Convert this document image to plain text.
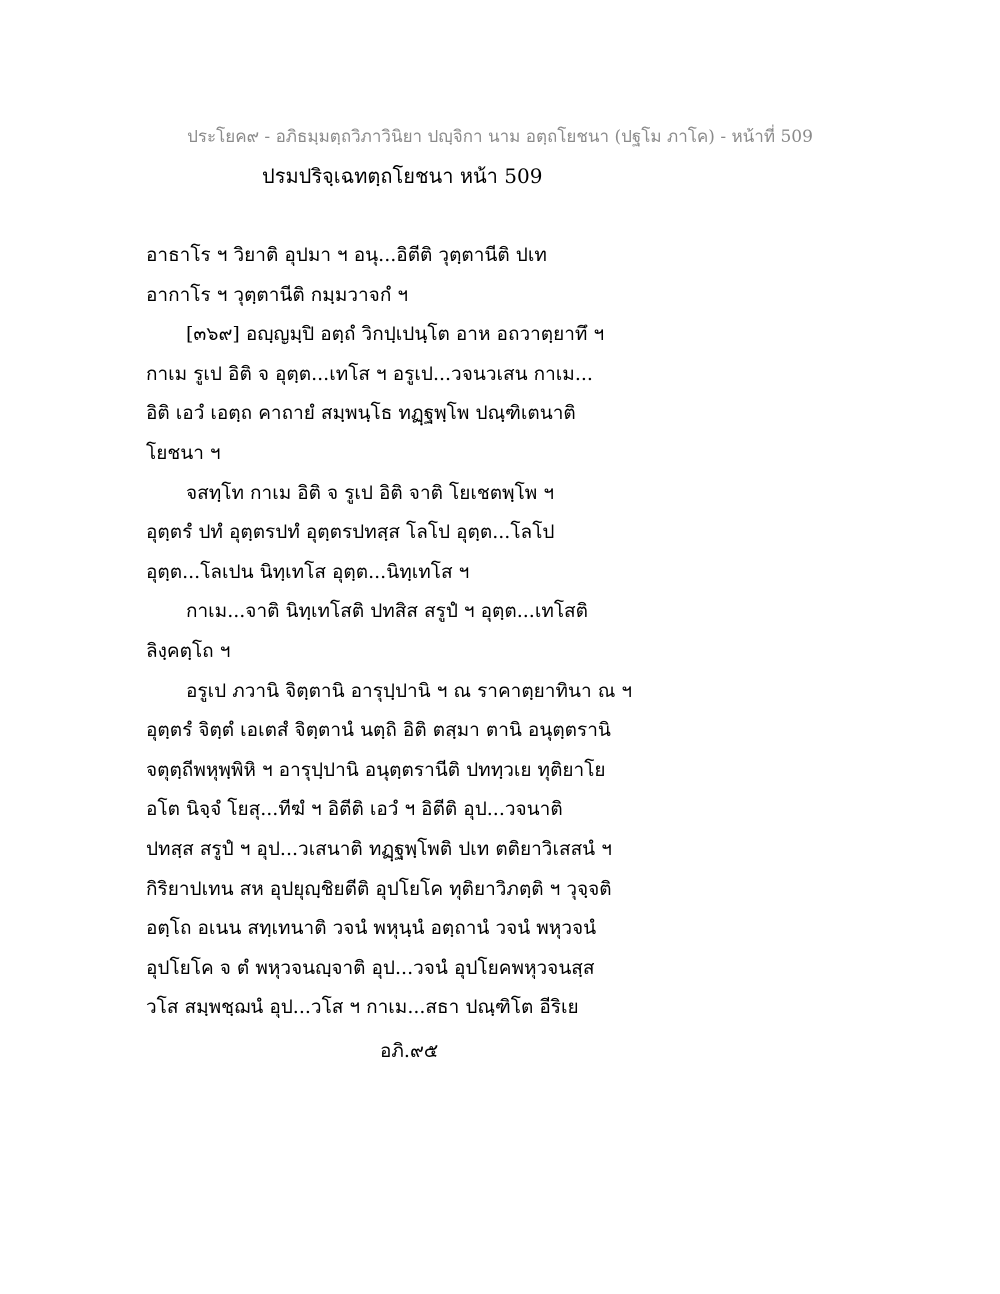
ประโยค๙ - อภิธมฺมตฺถวิภาวินิยา ปญฺจิกา นาม อตฺถโยชนา (ปฐโม ภาโค) - หน้าที่ 509
ปรมปริจฺเฉทตฺถโยชนา หน้า 509
อาธาโร ฯ วิยาติ อุปมา ฯ อนุ...อิตีติ วุตฺตานีติ ปเท
อากาโร ฯ วุตฺตานีติ กมฺมวาจกํ ฯ
[๓๖๙] อญฺญมฺปิ อตฺถํ วิกปฺเปนฺโต อาห อถวาตฺยาทึ ฯ
กาเม รูเป อิติ จ อุตฺต...เทโส ฯ อรูเป...วจนวเสน กาเม...
อิติ เอวํ เอตฺถ คาถายํ สมฺพนฺโธ ทฏฺฐพฺโพ ปณฺฑิเตนาติ
โยชนา ฯ
จสทฺโท กาเม อิติ จ รูเป อิติ จาติ โยเชตพฺโพ ฯ
อุตฺตรํ ปทํ อุตฺตรปทํ อุตฺตรปทสฺส โลโป อุตฺต...โลโป
อุตฺต...โลเปน นิทฺเทโส อุตฺต...นิทฺเทโส ฯ
กาเม...จาติ นิทฺเทโสติ ปทสิส สรูปํ ฯ อุตฺต...เทโสติ
ลิงฺคตฺโถ ฯ
อรูเป ภวานิ จิตฺตานิ อารุปฺปานิ ฯ ณ ราคาตฺยาทินา ณ ฯ
อุตฺตรํ จิตฺตํ เอเตสํ จิตฺตานํ นตฺถิ อิติ ตสฺมา ตานิ อนุตฺตรานิ
จตุตฺถีพหุพฺพิหิ ฯ อารุปฺปานิ อนุตฺตรานีติ ปททฺวเย ทุติยาโย
อโต นิจฺจํ โยสุ...ทีฆํ ฯ อิตีติ เอวํ ฯ อิตีติ อุป...วจนาติ
ปทสฺส สรูปํ ฯ อุป...วเสนาติ ทฏฺฐพฺโพติ ปเท ตติยาวิเสสนํ ฯ
กิริยาปเทน สห อุปยุญฺชิยตีติ อุปโยโค ทุติยาวิภตฺติ ฯ วุจฺจติ
อตฺโถ อเนน สทฺเทนาติ วจนํ พหุนฺนํ อตฺถานํ วจนํ พหุวจนํ
อุปโยโค จ ตํ พหุวจนญฺจาติ อุป...วจนํ อุปโยคพหุวจนสฺส
วโส สมฺพชฺฌนํ อุป...วโส ฯ กาเม...สธา ปณฺฑิโต อีริเย
อภิ.๙๕
